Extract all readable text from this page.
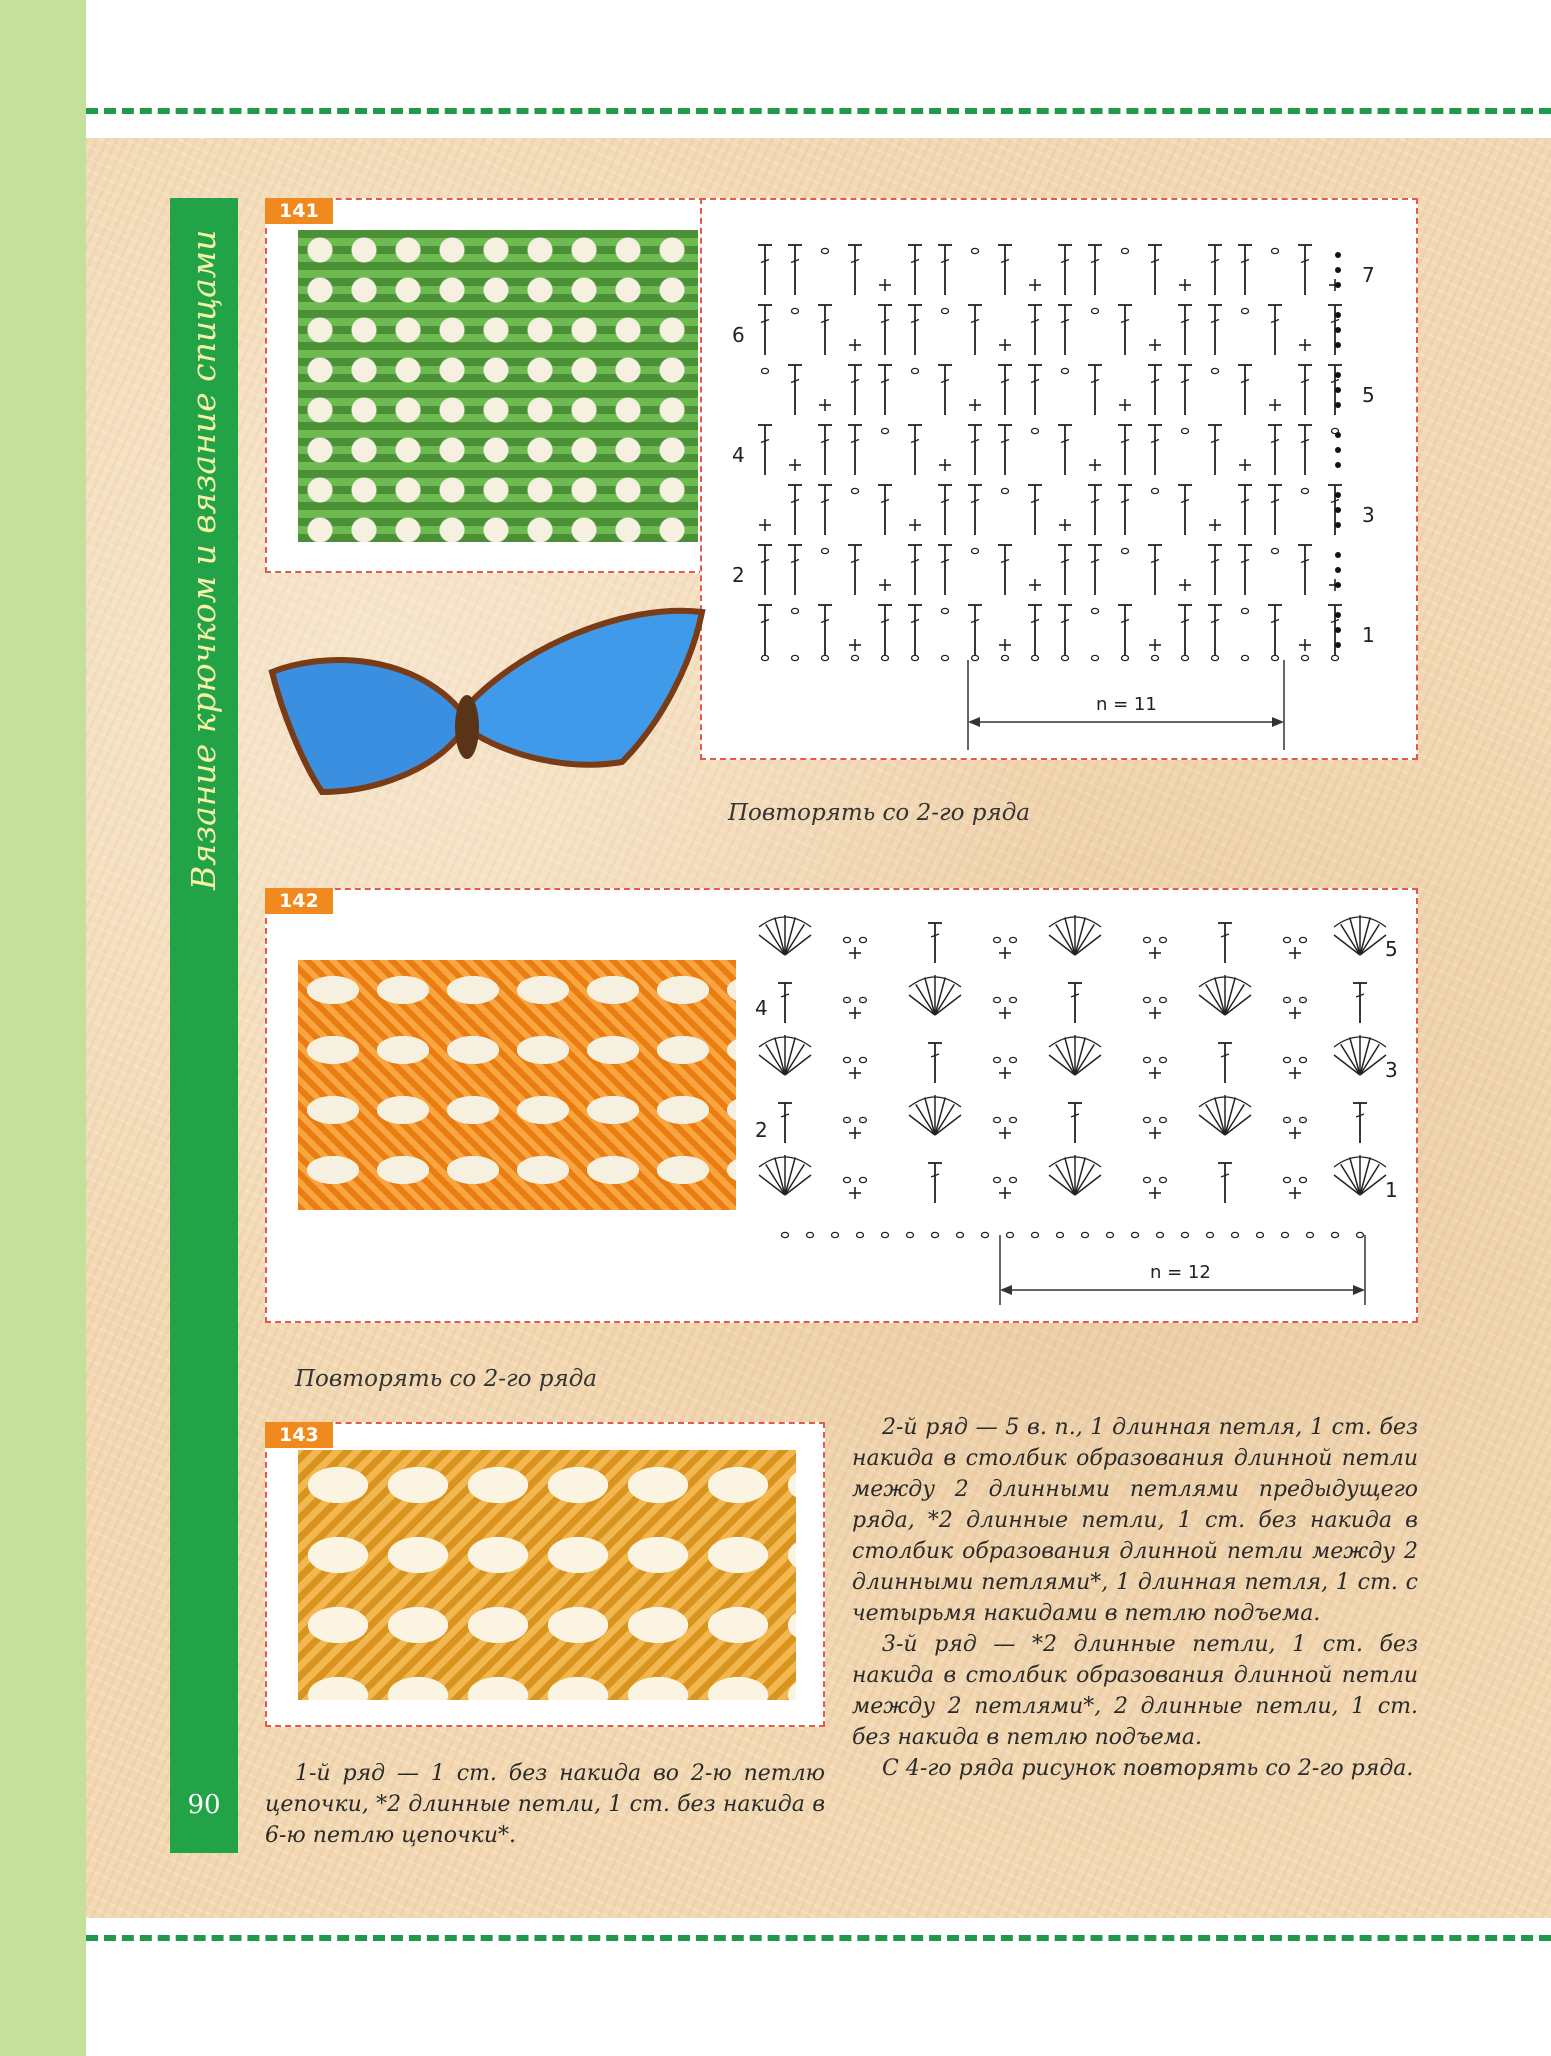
Вязание крючком и вязание спицами
90
141
6
4
2
7
5
3
1
n = 11
Повторять со 2-го ряда
142
4
2
5
3
1
n = 12
Повторять со 2-го ряда
143

1-й ряд — 1 ст. без накида во 2-ю петлю цепочки, *2 длинные петли, 1 ст. без накида в 6-ю петлю цепочки*.

2-й ряд — 5 в. п., 1 длинная петля, 1 ст. без накида в столбик образования длинной петли между 2 длинными петлями предыдущего ряда, *2 длинные петли, 1 ст. без накида в столбик образования длинной петли между 2 длинными петлями*, 1 длинная петля, 1 ст. с четырьмя накидами в петлю подъема.

3-й ряд — *2 длинные петли, 1 ст. без накида в столбик образования длинной петли между 2 петлями*, 2 длинные петли, 1 ст. без накида в петлю подъема.

С 4-го ряда рисунок повторять со 2-го ряда.
